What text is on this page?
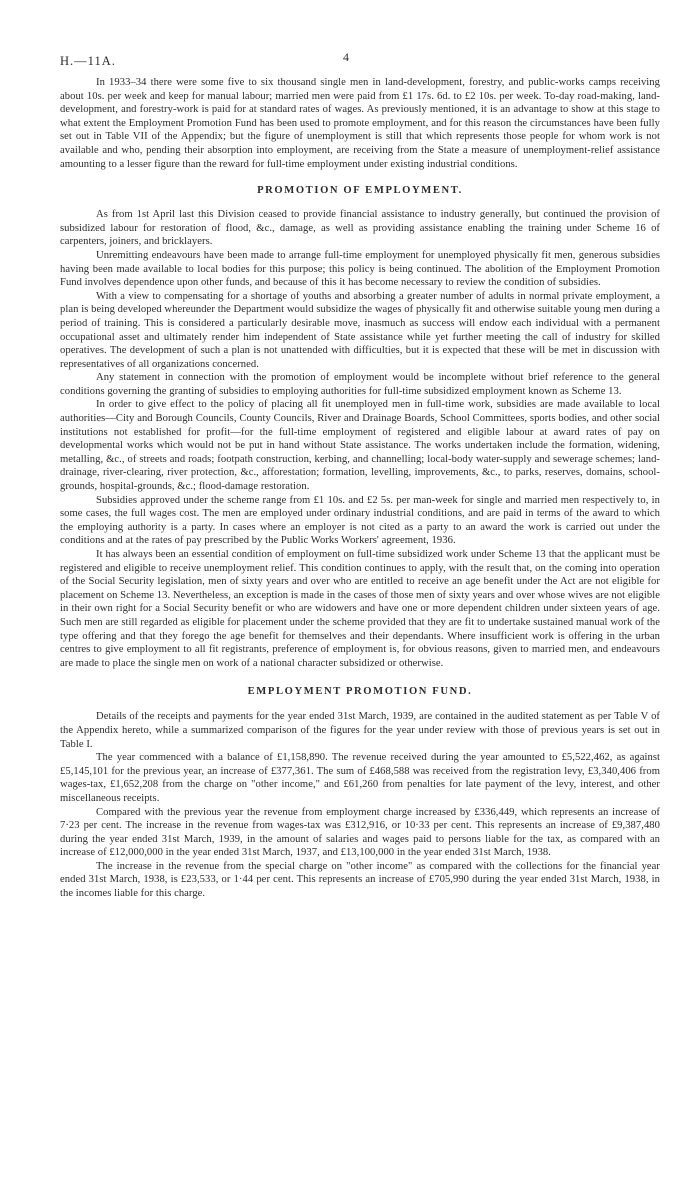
H.—11A.	4

In 1933–34 there were some five to six thousand single men in land-development, forestry, and public-works camps receiving about 10s. per week and keep for manual labour; married men were paid from £1 17s. 6d. to £2 10s. per week. To-day road-making, land-development, and forestry-work is paid for at standard rates of wages. As previously mentioned, it is an advantage to show at this stage to what extent the Employment Promotion Fund has been used to promote employment, and for this reason the circumstances have been fully set out in Table VII of the Appendix; but the figure of unemployment is still that which represents those people for whom work is not available and who, pending their absorption into employment, are receiving from the State a measure of unemployment-relief assistance amounting to a lesser figure than the reward for full-time employment under existing industrial conditions.

PROMOTION OF EMPLOYMENT.

As from 1st April last this Division ceased to provide financial assistance to industry generally, but continued the provision of subsidized labour for restoration of flood, &c., damage, as well as providing assistance enabling the training under Scheme 16 of carpenters, joiners, and bricklayers.

Unremitting endeavours have been made to arrange full-time employment for unemployed physically fit men, generous subsidies having been made available to local bodies for this purpose; this policy is being continued. The abolition of the Employment Promotion Fund involves dependence upon other funds, and because of this it has become necessary to review the condition of subsidies.

With a view to compensating for a shortage of youths and absorbing a greater number of adults in normal private employment, a plan is being developed whereunder the Department would subsidize the wages of physically fit and otherwise suitable young men during a period of training. This is considered a particularly desirable move, inasmuch as success will endow each individual with a permanent occupational asset and ultimately render him independent of State assistance while yet further meeting the call of industry for skilled operatives. The development of such a plan is not unattended with difficulties, but it is expected that these will be met in discussion with representatives of all organizations concerned.

Any statement in connection with the promotion of employment would be incomplete without brief reference to the general conditions governing the granting of subsidies to employing authorities for full-time subsidized employment known as Scheme 13.

In order to give effect to the policy of placing all fit unemployed men in full-time work, subsidies are made available to local authorities—City and Borough Councils, County Councils, River and Drainage Boards, School Committees, sports bodies, and other social institutions not established for profit—for the full-time employment of registered and eligible labour at award rates of pay on developmental works which would not be put in hand without State assistance. The works undertaken include the formation, widening, metalling, &c., of streets and roads; footpath construction, kerbing, and channelling; local-body water-supply and sewerage schemes; land-drainage, river-clearing, river protection, &c., afforestation; formation, levelling, improvements, &c., to parks, reserves, domains, school-grounds, hospital-grounds, &c.; flood-damage restoration.

Subsidies approved under the scheme range from £1 10s. and £2 5s. per man-week for single and married men respectively to, in some cases, the full wages cost. The men are employed under ordinary industrial conditions, and are paid in terms of the award to which the employing authority is a party. In cases where an employer is not cited as a party to an award the work is carried out under the conditions and at the rates of pay prescribed by the Public Works Workers' agreement, 1936.

It has always been an essential condition of employment on full-time subsidized work under Scheme 13 that the applicant must be registered and eligible to receive unemployment relief. This condition continues to apply, with the result that, on the coming into operation of the Social Security legislation, men of sixty years and over who are entitled to receive an age benefit under the Act are not eligible for placement on Scheme 13. Nevertheless, an exception is made in the cases of those men of sixty years and over whose wives are not eligible in their own right for a Social Security benefit or who are widowers and have one or more dependent children under sixteen years of age. Such men are still regarded as eligible for placement under the scheme provided that they are fit to undertake sustained manual work of the type offering and that they forego the age benefit for themselves and their dependants. Where insufficient work is offering in the urban centres to give employment to all fit registrants, preference of employment is, for obvious reasons, given to married men, and endeavours are made to place the single men on work of a national character subsidized or otherwise.

EMPLOYMENT PROMOTION FUND.

Details of the receipts and payments for the year ended 31st March, 1939, are contained in the audited statement as per Table V of the Appendix hereto, while a summarized comparison of the figures for the year under review with those of previous years is set out in Table I.

The year commenced with a balance of £1,158,890. The revenue received during the year amounted to £5,522,462, as against £5,145,101 for the previous year, an increase of £377,361. The sum of £468,588 was received from the registration levy, £3,340,406 from wages-tax, £1,652,208 from the charge on "other income," and £61,260 from penalties for late payment of the levy, interest, and other miscellaneous receipts.

Compared with the previous year the revenue from employment charge increased by £336,449, which represents an increase of 7·23 per cent. The increase in the revenue from wages-tax was £312,916, or 10·33 per cent. This represents an increase of £9,387,480 during the year ended 31st March, 1939, in the amount of salaries and wages paid to persons liable for the tax, as compared with an increase of £12,000,000 in the year ended 31st March, 1937, and £13,100,000 in the year ended 31st March, 1938.

The increase in the revenue from the special charge on "other income" as compared with the collections for the financial year ended 31st March, 1938, is £23,533, or 1·44 per cent. This represents an increase of £705,990 during the year ended 31st March, 1938, in the incomes liable for this charge.
